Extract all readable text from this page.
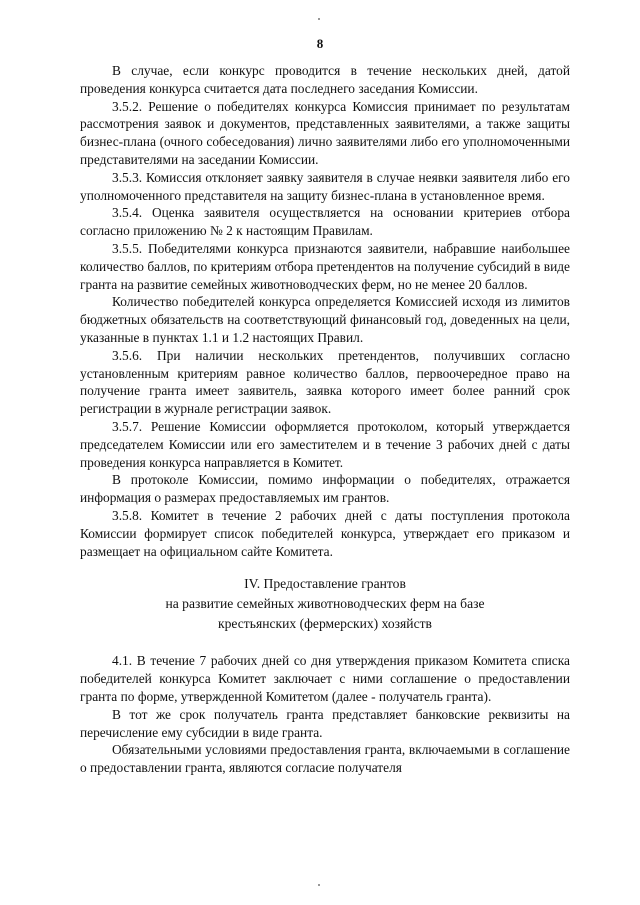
8

В случае, если конкурс проводится в течение нескольких дней, датой проведения конкурса считается дата последнего заседания Комиссии.

3.5.2. Решение о победителях конкурса Комиссия принимает по результатам рассмотрения заявок и документов, представленных заявителями, а также защиты бизнес-плана (очного собеседования) лично заявителями либо его уполномоченными представителями на заседании Комиссии.

3.5.3. Комиссия отклоняет заявку заявителя в случае неявки заявителя либо его уполномоченного представителя на защиту бизнес-плана в установленное время.

3.5.4. Оценка заявителя осуществляется на основании критериев отбора согласно приложению № 2 к настоящим Правилам.

3.5.5. Победителями конкурса признаются заявители, набравшие наибольшее количество баллов, по критериям отбора претендентов на получение субсидий в виде гранта на развитие семейных животноводческих ферм, но не менее 20 баллов.

Количество победителей конкурса определяется Комиссией исходя из лимитов бюджетных обязательств на соответствующий финансовый год, доведенных на цели, указанные в пунктах 1.1 и 1.2 настоящих Правил.

3.5.6. При наличии нескольких претендентов, получивших согласно установленным критериям равное количество баллов, первоочередное право на получение гранта имеет заявитель, заявка которого имеет более ранний срок регистрации в журнале регистрации заявок.

3.5.7. Решение Комиссии оформляется протоколом, который утверждается председателем Комиссии или его заместителем и в течение 3 рабочих дней с даты проведения конкурса направляется в Комитет.

В протоколе Комиссии, помимо информации о победителях, отражается информация о размерах предоставляемых им грантов.

3.5.8. Комитет в течение 2 рабочих дней с даты поступления протокола Комиссии формирует список победителей конкурса, утверждает его приказом и размещает на официальном сайте Комитета.

IV. Предоставление грантов
на развитие семейных животноводческих ферм на базе
крестьянских (фермерских) хозяйств

4.1. В течение 7 рабочих дней со дня утверждения приказом Комитета списка победителей конкурса Комитет заключает с ними соглашение о предоставлении гранта по форме, утвержденной Комитетом (далее - получатель гранта).

В тот же срок получатель гранта представляет банковские реквизиты на перечисление ему субсидии в виде гранта.

Обязательными условиями предоставления гранта, включаемыми в соглашение о предоставлении гранта, являются согласие получателя
